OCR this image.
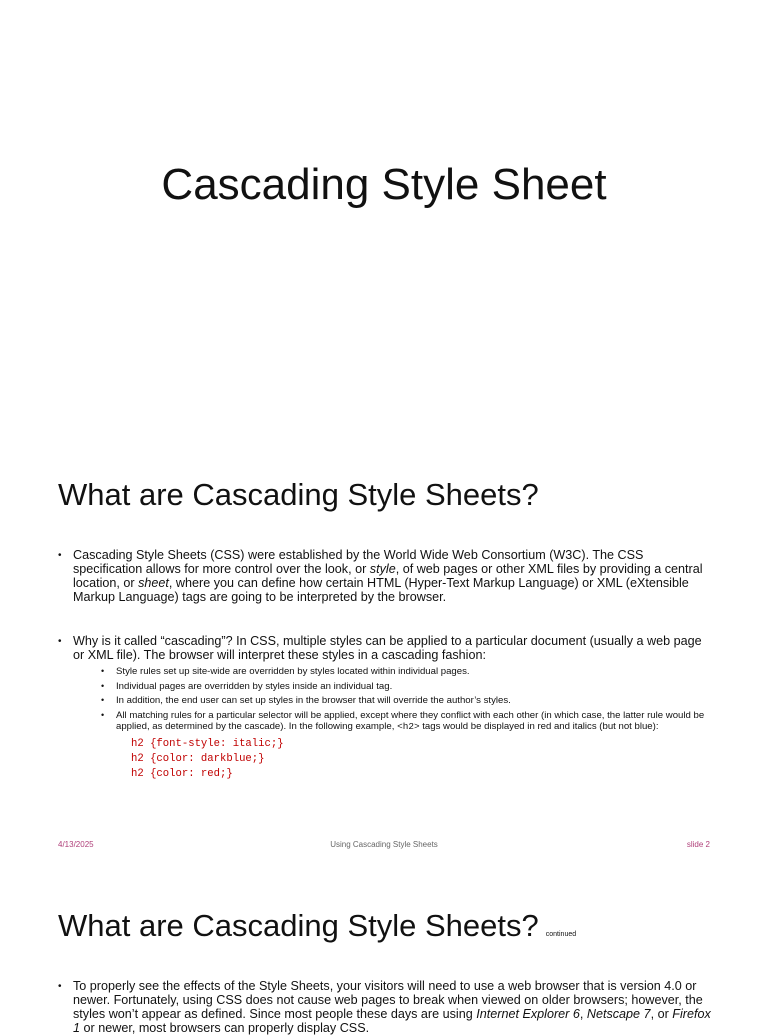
Cascading Style Sheet
What are Cascading Style Sheets?
• Cascading Style Sheets (CSS) were established by the World Wide Web Consortium (W3C). The CSS specification allows for more control over the look, or style, of web pages or other XML files by providing a central location, or sheet, where you can define how certain HTML (Hyper-Text Markup Language) or XML (eXtensible Markup Language) tags are going to be interpreted by the browser.
• Why is it called “cascading”? In CSS, multiple styles can be applied to a particular document (usually a web page or XML file). The browser will interpret these styles in a cascading fashion:
• Style rules set up site-wide are overridden by styles located within individual pages.
• Individual pages are overridden by styles inside an individual tag.
• In addition, the end user can set up styles in the browser that will override the author’s styles.
• All matching rules for a particular selector will be applied, except where they conflict with each other (in which case, the latter rule would be applied, as determined by the cascade). In the following example, <h2> tags would be displayed in red and italics (but not blue):
h2 {font-style: italic;}
h2 {color: darkblue;}
h2 {color: red;}
4/13/2025	Using Cascading Style Sheets	slide 2
What are Cascading Style Sheets? continued
• To properly see the effects of the Style Sheets, your visitors will need to use a web browser that is version 4.0 or newer. Fortunately, using CSS does not cause web pages to break when viewed on older browsers; however, the styles won’t appear as defined. Since most people these days are using Internet Explorer 6, Netscape 7, or Firefox 1 or newer, most browsers can properly display CSS.
